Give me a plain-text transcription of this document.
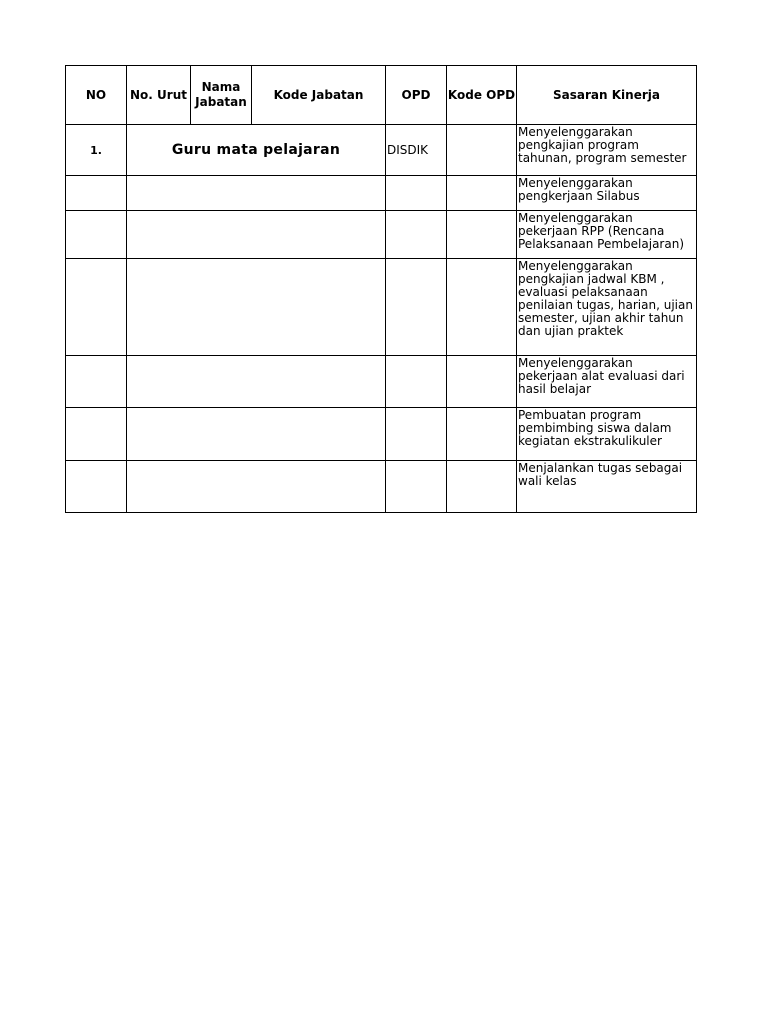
NO	No. Urut	Nama Jabatan	Kode Jabatan	OPD	Kode OPD	Sasaran Kinerja
1.	Guru mata pelajaran			DISDIK		Menyelenggarakan pengkajian program tahunan, program semester
						Menyelenggarakan pengkerjaan Silabus
						Menyelenggarakan pekerjaan RPP (Rencana Pelaksanaan Pembelajaran)
						Menyelenggarakan pengkajian jadwal KBM , evaluasi pelaksanaan penilaian tugas, harian, ujian semester, ujian akhir tahun dan ujian praktek
						Menyelenggarakan pekerjaan alat evaluasi dari hasil belajar
						Pembuatan program pembimbing siswa dalam kegiatan ekstrakulikuler
						Menjalankan tugas sebagai wali kelas
